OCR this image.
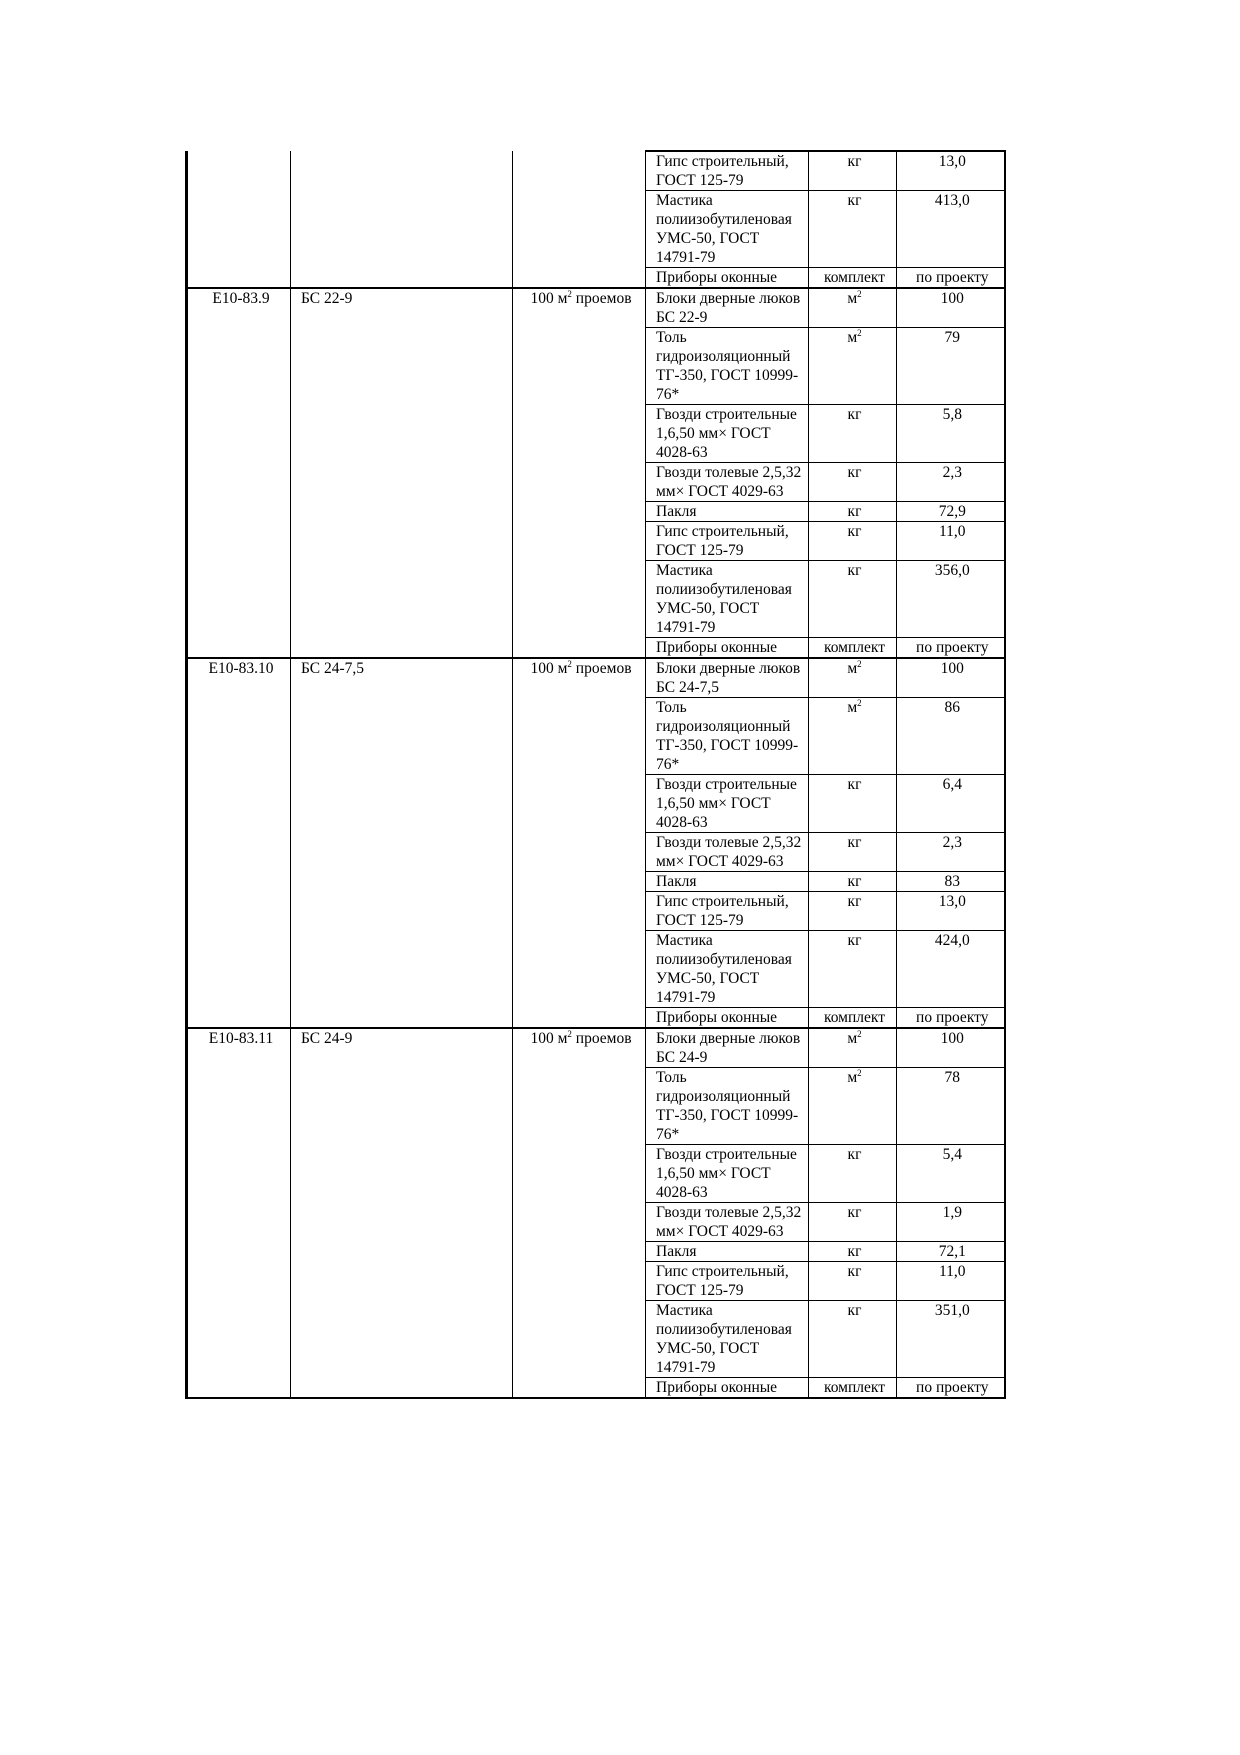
			Гипс строительный, ГОСТ 125-79	кг	13,0
			Мастика полиизобутиленовая УМС-50, ГОСТ 14791-79	кг	413,0
			Приборы оконные	комплект	по проекту
Е10-83.9	БС 22-9	100 $м^2$ проемов	Блоки дверные люков БС 22-9	$м^2$	100
			Толь гидроизоляционный ТГ-350, ГОСТ 10999-76*	$м^2$	79
			Гвозди строительные 1,6,50 мм× ГОСТ 4028-63	кг	5,8
			Гвозди толевые 2,5,32 мм× ГОСТ 4029-63	кг	2,3
			Пакля	кг	72,9
			Гипс строительный, ГОСТ 125-79	кг	11,0
			Мастика полиизобутиленовая УМС-50, ГОСТ 14791-79	кг	356,0
			Приборы оконные	комплект	по проекту
Е10-83.10	БС 24-7,5	100 $м^2$ проемов	Блоки дверные люков БС 24-7,5	$м^2$	100
			Толь гидроизоляционный ТГ-350, ГОСТ 10999-76*	$м^2$	86
			Гвозди строительные 1,6,50 мм× ГОСТ 4028-63	кг	6,4
			Гвозди толевые 2,5,32 мм× ГОСТ 4029-63	кг	2,3
			Пакля	кг	83
			Гипс строительный, ГОСТ 125-79	кг	13,0
			Мастика полиизобутиленовая УМС-50, ГОСТ 14791-79	кг	424,0
			Приборы оконные	комплект	по проекту
Е10-83.11	БС 24-9	100 $м^2$ проемов	Блоки дверные люков БС 24-9	$м^2$	100
			Толь гидроизоляционный ТГ-350, ГОСТ 10999-76*	$м^2$	78
			Гвозди строительные 1,6,50 мм× ГОСТ 4028-63	кг	5,4
			Гвозди толевые 2,5,32 мм× ГОСТ 4029-63	кг	1,9
			Пакля	кг	72,1
			Гипс строительный, ГОСТ 125-79	кг	11,0
			Мастика полиизобутиленовая УМС-50, ГОСТ 14791-79	кг	351,0
			Приборы оконные	комплект	по проекту
